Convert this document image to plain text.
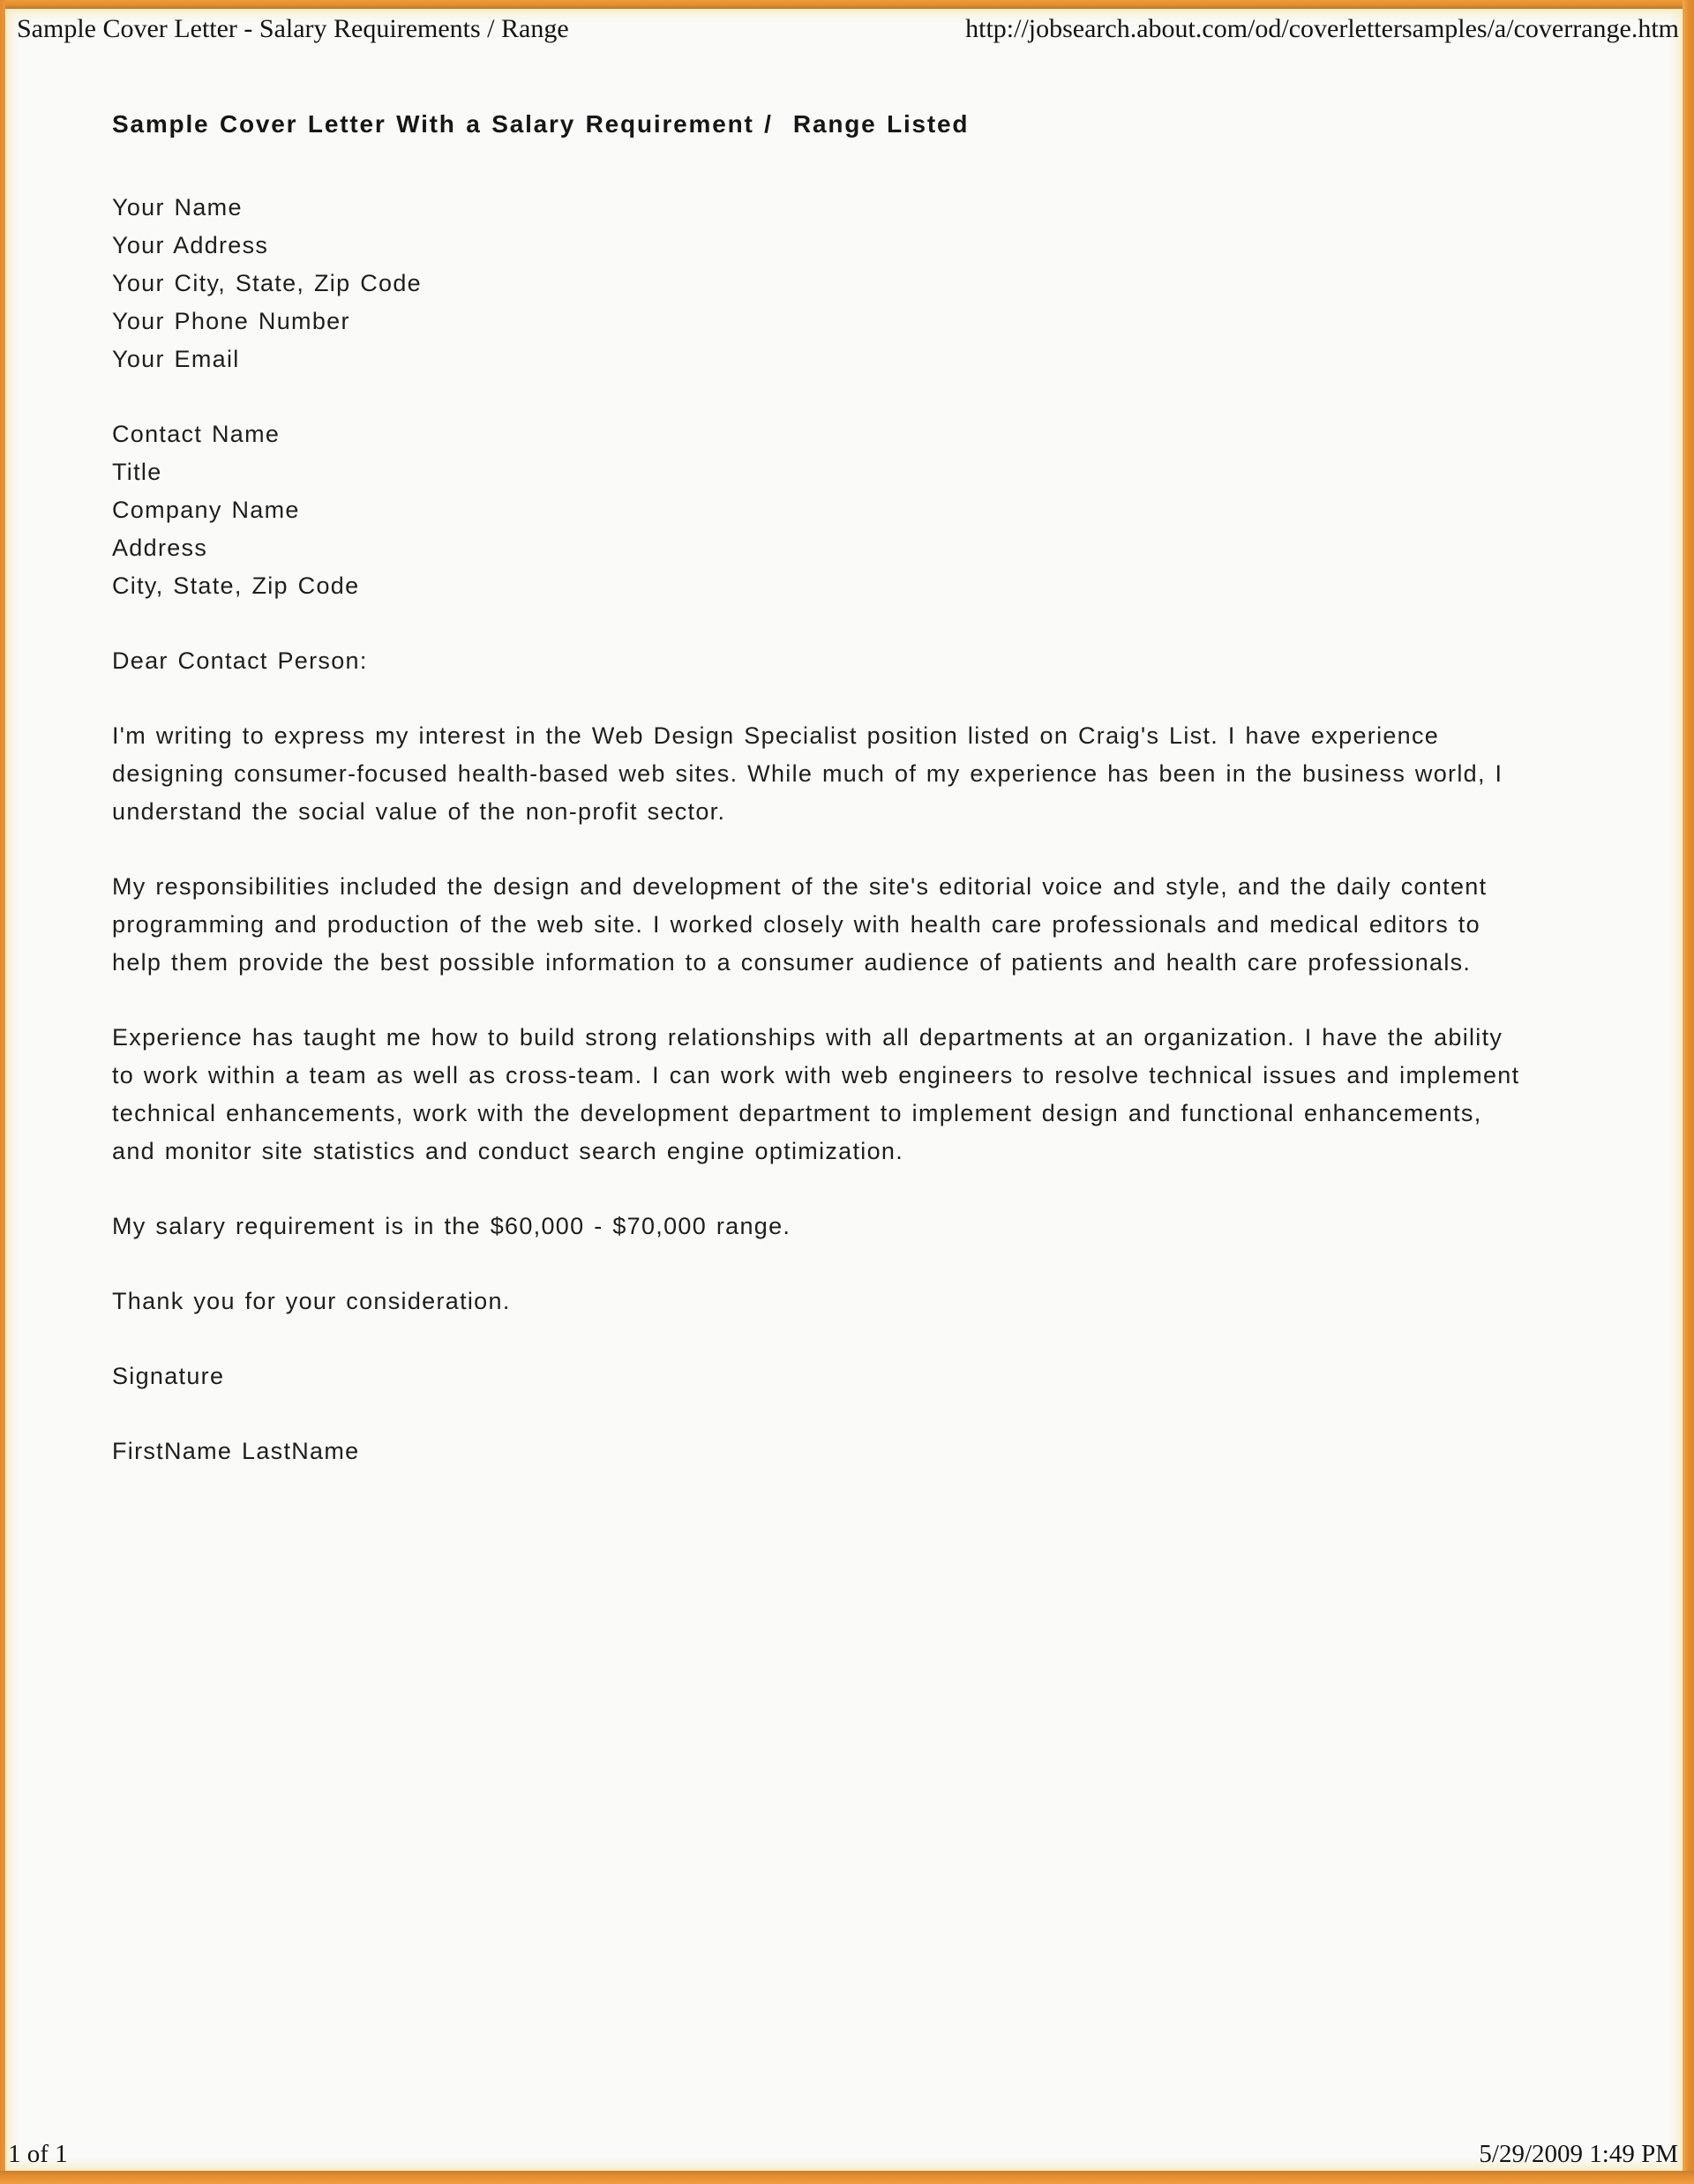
Sample Cover Letter - Salary Requirements / Range	http://jobsearch.about.com/od/coverlettersamples/a/coverrange.htm
Sample Cover Letter With a Salary Requirement /  Range Listed
Your Name
Your Address
Your City, State, Zip Code
Your Phone Number
Your Email
Contact Name
Title
Company Name
Address
City, State, Zip Code
Dear Contact Person:
I'm writing to express my interest in the Web Design Specialist position listed on Craig's List. I have experience
designing consumer-focused health-based web sites. While much of my experience has been in the business world, I
understand the social value of the non-profit sector.
My responsibilities included the design and development of the site's editorial voice and style, and the daily content
programming and production of the web site. I worked closely with health care professionals and medical editors to
help them provide the best possible information to a consumer audience of patients and health care professionals.
Experience has taught me how to build strong relationships with all departments at an organization. I have the ability
to work within a team as well as cross-team. I can work with web engineers to resolve technical issues and implement
technical enhancements, work with the development department to implement design and functional enhancements,
and monitor site statistics and conduct search engine optimization.
My salary requirement is in the $60,000 - $70,000 range.
Thank you for your consideration.
Signature
FirstName LastName
1 of 1	5/29/2009 1:49 PM
